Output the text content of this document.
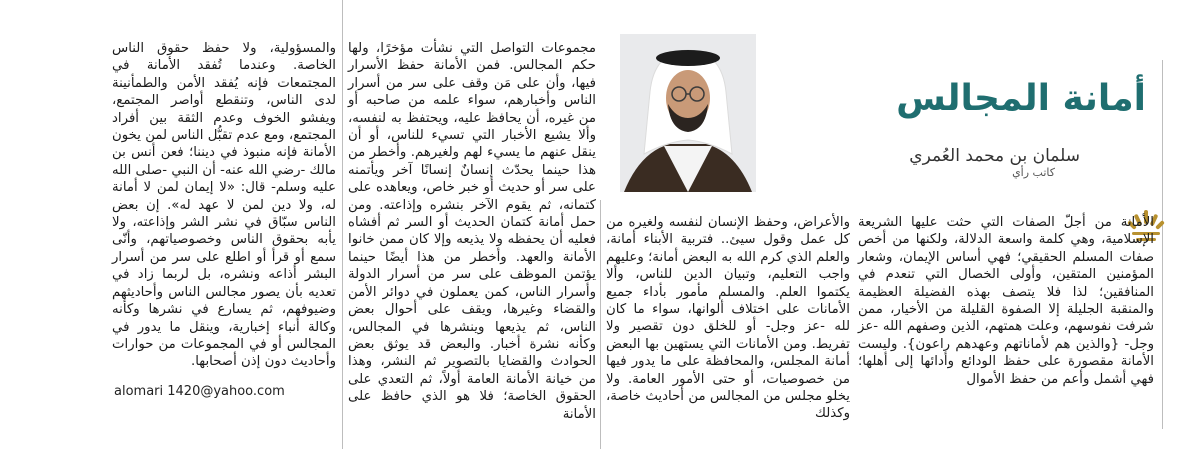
أمانة المجالس
سلمان بن محمد العُمري
كاتب رأي

الأمانة من أجلّ الصفات التي حثت عليها الشريعة الإسلامية، وهي كلمة واسعة الدلالة، ولكنها من أخص صفات المسلم الحقيقي؛ فهي أساس الإيمان، وشعار المؤمنين المتقين، وأولى الخصال التي تنعدم في المنافقين؛ لذا فلا يتصف بهذه الفضيلة العظيمة والمنقبة الجليلة إلا الصفوة القليلة من الأخيار، ممن شرفت نفوسهم، وعلت همتهم، الذين وصفهم الله -عز وجل- {والذين هم لأماناتهم وعهدهم راعون}. وليست الأمانة مقصورة على حفظ الودائع وأدائها إلى أهلها؛ فهي أشمل وأعم من حفظ الأموال

والأعراض، وحفظ الإنسان لنفسه ولغيره من كل عمل وقول سيئ.. فتربية الأبناء أمانة، والعلم الذي كرم الله به البعض أمانة؛ وعليهم واجب التعليم، وتبيان الدين للناس، وألا يكتموا العلم. والمسلم مأمور بأداء جميع الأمانات على اختلاف ألوانها، سواء ما كان لله -عز وجل- أو للخلق دون تقصير ولا تفريط. ومن الأمانات التي يستهين بها البعض أمانة المجلس، والمحافظة على ما يدور فيها من خصوصيات، أو حتى الأمور العامة. ولا يخلو مجلس من المجالس من أحاديث خاصة، وكذلك

مجموعات التواصل التي نشأت مؤخرًا، ولها حكم المجالس. فمن الأمانة حفظ الأسرار فيها، وأن على مَن وقف على سر من أسرار الناس وأخبارهم، سواء علمه من صاحبه أو من غيره، أن يحافظ عليه، ويحتفظ به لنفسه، وألا يشيع الأخبار التي تسيء للناس، أو أن ينقل عنهم ما يسيء لهم ولغيرهم. وأخطر من هذا حينما يحدّث إنسانٌ إنسانًا آخر ويأتمنه على سر أو حديث أو خبر خاص، ويعاهده على كتمانه، ثم يقوم الآخر بنشره وإذاعته. ومن حمل أمانة كتمان الحديث أو السر ثم أفشاه فعليه أن يحفظه ولا يذيعه وإلا كان ممن خانوا الأمانة والعهد. وأخطر من هذا أيضًا حينما يؤتمن الموظف على سر من أسرار الدولة وأسرار الناس، كمن يعملون في دوائر الأمن والقضاء وغيرها، ويقف على أحوال بعض الناس، ثم يذيعها وينشرها في المجالس، وكأنه نشرة أخبار. والبعض قد يوثق بعض الحوادث والقضايا بالتصوير ثم النشر، وهذا من خيانة الأمانة العامة أولاً، ثم التعدي على الحقوق الخاصة؛ فلا هو الذي حافظ على الأمانة

والمسؤولية، ولا حفظ حقوق الناس الخاصة. وعندما تُفقد الأمانة في المجتمعات فإنه يُفقد الأمن والطمأنينة لدى الناس، وتنقطع أواصر المجتمع، ويفشو الخوف وعدم الثقة بين أفراد المجتمع، ومع عدم تقبُّل الناس لمن يخون الأمانة فإنه منبوذ في ديننا؛ فعن أنس بن مالك -رضي الله عنه- أن النبي -صلى الله عليه وسلم- قال: «لا إيمان لمن لا أمانة له، ولا دين لمن لا عهد له». إن بعض الناس سبّاق في نشر الشر وإذاعته، ولا يأبه بحقوق الناس وخصوصياتهم، وأنّى سمع أو قرأ أو اطلع على سر من أسرار البشر أذاعه ونشره، بل لربما زاد في تعديه بأن يصور مجالس الناس وأحاديثهم وضيوفهم، ثم يسارع في نشرها وكأنه وكالة أنباء إخبارية، وينقل ما يدور في المجالس أو في المجموعات من حوارات وأحاديث دون إذن أصحابها.

alomari 1420@yahoo.com
